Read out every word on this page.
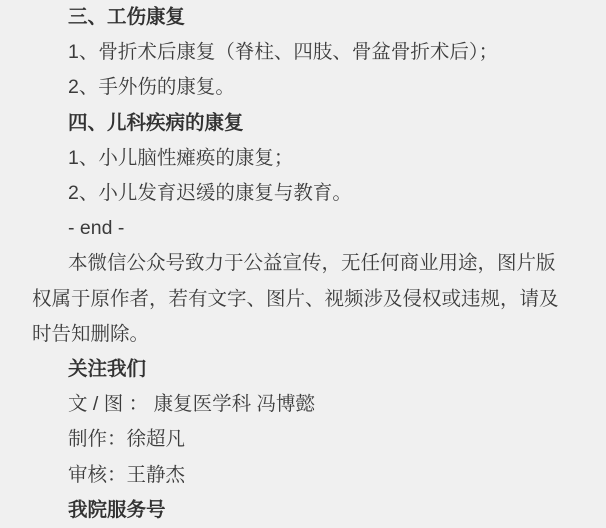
三、工伤康复

1、骨折术后康复（脊柱、四肢、骨盆骨折术后）；

2、手外伤的康复。

四、儿科疾病的康复

1、小儿脑性瘫痪的康复；

2、小儿发育迟缓的康复与教育。

- end -

本微信公众号致力于公益宣传，无任何商业用途，图片版权属于原作者，若有文字、图片、视频涉及侵权或违规，请及时告知删除。

关注我们

文 / 图 ： 康复医学科 冯博懿

制作：徐超凡

审核：王静杰

我院服务号
